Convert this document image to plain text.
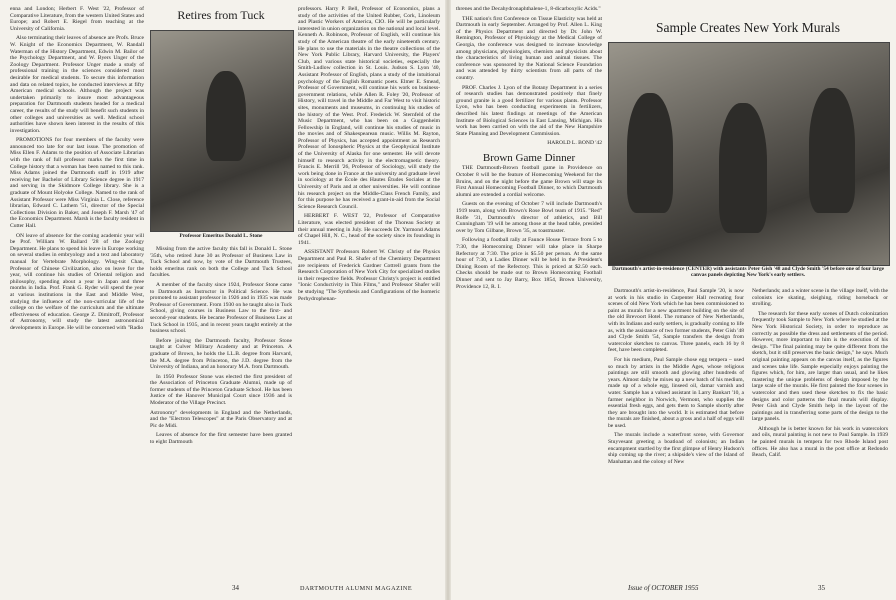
enna and London; Herbert F. West '22, Professor of Comparative Literature, from the western United States and Europe; and Robert E. Riegel from teaching at the University of California.

Also terminating their leaves of absence are Profs. Bruce W. Knight of the Economics Department, W. Randall Waterman of the History Department, Edwin M. Bailor of the Psychology Department, and W. Byers Unger of the Zoology Department. Professor Unger made a study of professional training in the sciences considered most desirable for medical students. To secure this information and data on related topics, he conducted interviews at fifty American medical schools. Although the project was undertaken primarily to insure most advantageous preparation for Dartmouth students headed for a medical career, the results of the study will benefit such students in other colleges and universities as well. Medical school authorities have shown keen interest in the results of this investigation.

PROMOTIONS for four members of the faculty were announced too late for our last issue. The promotion of Miss Ellen F. Adams to the position of Associate Librarian with the rank of full professor marks the first time in College history that a woman has been named to this rank. Miss Adams joined the Dartmouth staff in 1919 after receiving her Bachelor of Library Science degree in 1917 and serving in the Skidmore College library. She is a graduate of Mount Holyoke College. Named to the rank of Assistant Professor were Miss Virginia L. Close, reference librarian, Edward C. Lathem '51, director of the Special Collections Division in Baker, and Joseph F. Marsh '47 of the Economics Department. Marsh is the faculty resident in Cutter Hall.

ON leave of absence for the coming academic year will be Prof. William W. Ballard '28 of the Zoology Department. He plans to spend his leave in Europe working on several studies in embryology and a text and laboratory manual for Vertebrate Morphology. Wing-tsit Chan, Professor of Chinese Civilization, also on leave for the year, will continue his studies of Oriental religion and philosophy, spending about a year in Japan and three months in India. Prof. Frank G. Ryder will spend the year at various institutions in the East and Middle West, studying the influence of the non-curricular life of the college on the welfare of the curriculum and the ultimate effectiveness of education. George Z. Dimitroff, Professor of Astronomy, will study the latest astronomical developments in Europe. He will be concerned with "Radio

Retires from Tuck
Professor Emeritus Donald L. Stone

Missing from the active faculty this fall is Donald L. Stone '35th, who retired June 30 as Professor of Business Law in Tuck School and now, by vote of the Dartmouth Trustees, holds emeritus rank on both the College and Tuck School faculties.

A member of the faculty since 1924, Professor Stone came to Dartmouth as Instructor in Political Science. He was promoted to assistant professor in 1926 and in 1935 was made Professor of Government. From 1930 on he taught also in Tuck School, giving courses in Business Law to the first- and second-year students. He became Professor of Business Law at Tuck School in 1935, and in recent years taught entirely at the business school.

Before joining the Dartmouth faculty, Professor Stone taught at Culver Military Academy and at Princeton. A graduate of Brown, he holds the LL.B. degree from Harvard, the M.A. degree from Princeton, the J.D. degree from the University of Indiana, and an honorary M.A. from Dartmouth.

In 1950 Professor Stone was elected the first president of the Association of Princeton Graduate Alumni, made up of former students of the Princeton Graduate School. He has been Justice of the Hanover Municipal Court since 1936 and is Moderator of the Village Precinct.

Astronomy" developments in England and the Netherlands, and the "Electron Telescopes" at the Paris Observatory and at Pic de Midi.

Leaves of absence for the first semester have been granted to eight Dartmouth

professors. Harry P. Bell, Professor of Economics, plans a study of the activities of the United Rubber, Cork, Linoleum and Plastic Workers of America, CIO. He will be particularly interested in union organization on the national and local level. Kenneth A. Robinson, Professor of English, will continue his study of the American theatre of the early nineteenth century. He plans to use the materials in the theatre collections of the New York Public Library, Harvard University, the Players' Club, and various state historical societies, especially the Smith-Ludlow collection in St. Louis. Judson S. Lyon '40, Assistant Professor of English, plans a study of the intuitional psychology of the English Romantic poets. Elmer E. Smead, Professor of Government, will continue his work on business-government relations, while Allen R. Foley '20, Professor of History, will travel in the Middle and Far West to visit historic sites, monuments and museums, in continuing his studies of the history of the West. Prof. Frederick W. Sternfeld of the Music Department, who has been on a Guggenheim Fellowship in England, will continue his studies of music in the movies and of Shakespearean music. Willis M. Rayton, Professor of Physics, has accepted appointment as Research Professor of Ionospheric Physics at the Geophysical Institute of the University of Alaska for one semester. He will devote himself to research activity in the electromagnetic theory. Francis E. Merrill '26, Professor of Sociology, will study the work being done in France at the university and graduate level in sociology at the École des Hautes Études Sociales at the University of Paris and at other universities. He will continue his research project on the Middle-Class French Family, and for this purpose he has received a grant-in-aid from the Social Science Research Council.

HERBERT F. WEST '22, Professor of Comparative Literature, was elected president of the Thoreau Society at their annual meeting in July. He succeeds Dr. Yarmond Adams of Chapel Hill, N. C., head of the society since its founding in 1941.

ASSISTANT Professors Robert W. Christy of the Physics Department and Paul R. Shafer of the Chemistry Department are recipients of Frederick Gardner Cottrell grants from the Research Corporation of New York City for specialized studies in their respective fields. Professor Christy's project is entitled "Ionic Conductivity in Thin Films," and Professor Shafer will be studying "The Synthesis and Configurations of the Isomeric Perhydrophenan-

34	DARTMOUTH ALUMNI MAGAZINE

threnes and the Decahydronaphthalene-1, 8-dicarboxylic Acids."

THE nation's first Conference on Tissue Elasticity was held at Dartmouth in early September. Arranged by Prof. Allen L. King of the Physics Department and directed by Dr. John W. Remington, Professor of Physiology at the Medical College of Georgia, the conference was designed to increase knowledge among physicians, physiologists, chemists and physicists about the characteristics of living human and animal tissues. The conference was sponsored by the National Science Foundation and was attended by thirty scientists from all parts of the country.

PROF. Charles J. Lyon of the Botany Department in a series of research studies has demonstrated positively that finely ground granite is a good fertilizer for various plants. Professor Lyon, who has been conducting experiments in fertilizers, described his latest findings at meetings of the American Institute of Biological Sciences in East Lansing, Michigan. His work has been carried on with the aid of the New Hampshire State Planning and Development Commission.

HAROLD L. BOND '42
Brown Game Dinner

THE Dartmouth-Brown football game in Providence on October 8 will be the feature of Homecoming Weekend for the Bruins, and on the night before the game Brown will stage its First Annual Homecoming Football Dinner, to which Dartmouth alumni are extended a cordial welcome.

Guests on the evening of October 7 will include Dartmouth's 1919 team, along with Brown's Rose Bowl team of 1915. "Red" Rolfe '31, Dartmouth's director of athletics, and Bill Cunningham '19 will be among those at the head table, presided over by Tom Gilbane, Brown '35, as toastmaster.

Following a football rally at Faunce House Terrace from 5 to 7:30, the Homecoming Dinner will take place in Sharpe Refectory at 7:30. The price is $5.50 per person. At the same hour of 7:30, a Ladies Dinner will be held in the President's Dining Room of the Refectory. This is priced at $2.50 each. Checks should be made out to Brown Homecoming Football Dinner and sent to Jay Barry, Box 1854, Brown University, Providence 12, R. I.

Sample Creates New York Murals
Dartmouth's artist-in-residence (CENTER) with assistants Peter Gish '48 and Clyde Smith '54 before one of four large canvas panels depicting New York's early settlers.

Dartmouth's artist-in-residence, Paul Sample '20, is now at work in his studio in Carpenter Hall recreating four scenes of old New York which he has been commissioned to paint as murals for a new apartment building on the site of the old Brevoort Hotel. The romance of New Netherlands, with its Indians and early settlers, is gradually coming to life as, with the assistance of two former students, Peter Gish '48 and Clyde Smith '54, Sample transfers the design from watercolor sketches to canvas. Three panels, each 16 by 8 feet, have been completed.

For his medium, Paul Sample chose egg tempera – used so much by artists in the Middle Ages, whose religious paintings are still smooth and glowing after hundreds of years. Almost daily he mixes up a new batch of his medium, made up of a whole egg, linseed oil, damar varnish and water. Sample has a valued assistant in Larry Bankart '10, a farmer neighbor in Norwich, Vermont, who supplies the essential fresh eggs, and gets them to Sample shortly after they are brought into the world. It is estimated that before the murals are finished, about a gross and a half of eggs will be used.

The murals include a waterfront scene, with Governor Stuyvesant greeting a boatload of colonists; an Indian encampment startled by the first glimpse of Henry Hudson's ship coming up the river; a shipside's view of the Island of Manhattan and the colony of New

Netherlands; and a winter scene in the village itself, with the colonists ice skating, sleighing, riding horseback or strolling.

The research for these early scenes of Dutch colonization frequently took Sample to New York where he studied at the New York Historical Society, in order to reproduce as correctly as possible the dress and settlements of the period. However, more important to him is the execution of his design. "The final painting may be quite different from the sketch, but it still preserves the basic design," he says. Much original painting appears on the canvas itself, as the figures and scenes take life. Sample especially enjoys painting the figures which, for him, are larger than usual, and he likes mastering the unique problems of design imposed by the large scale of the murals. He first painted the four scenes in watercolor and then used these sketches to fix the basic designs and color patterns the final murals will display. Peter Gish and Clyde Smith help in the layout of the paintings and in transferring some parts of the design to the large panels.

Although he is better known for his work in watercolors and oils, mural painting is not new to Paul Sample. In 1939 he painted murals in tempera for two Rhode Island post offices. He also has a mural in the post office at Redondo Beach, Calif.

Issue of OCTOBER 1955	35
